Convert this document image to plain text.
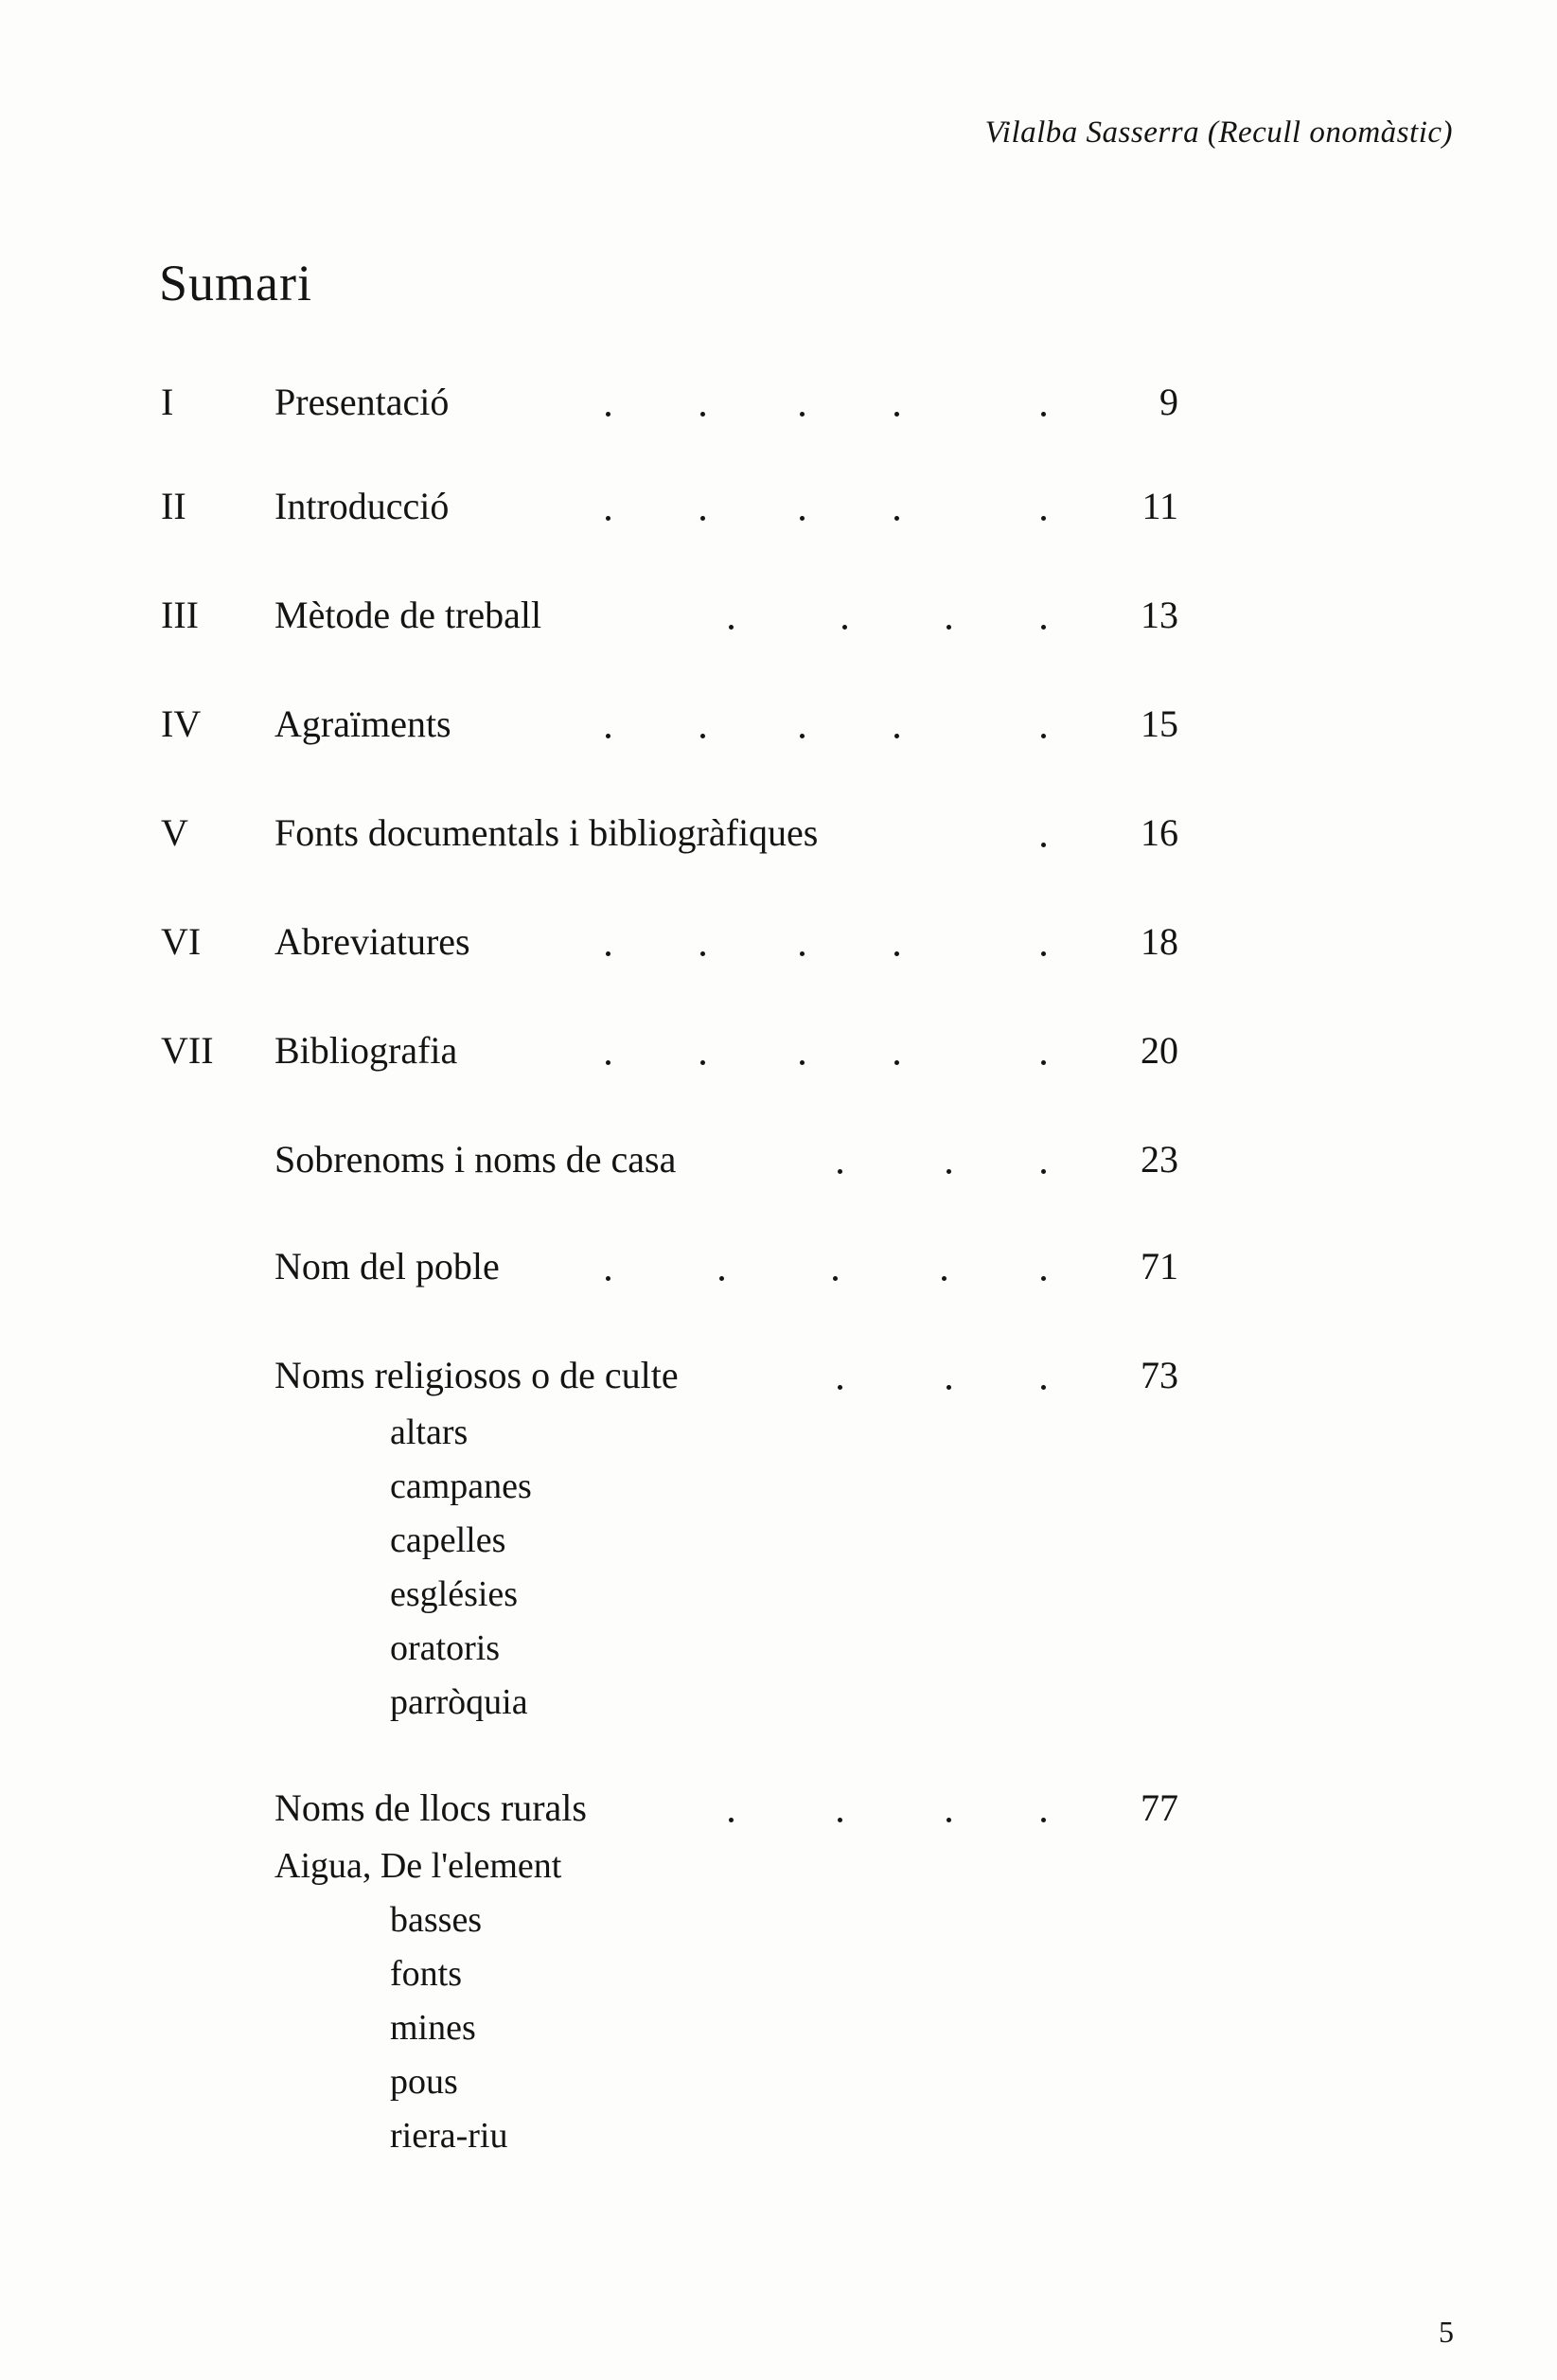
Vilalba Sasserra (Recull onomàstic)
Sumari
I	Presentació	9
II Introducció	11
III Mètode de treball	13
IV Agraïments	15
V Fonts documentals i bibliogràfiques	16
VI Abreviatures	18
VII Bibliografia	20
Sobrenoms i noms de casa	23
Nom del poble	71
Noms religiosos o de culte	73
altars
campanes
capelles
esglésies
oratoris
parròquia
Noms de llocs rurals	77
Aigua, De l'element
basses
fonts
mines
pous
riera-riu
5
